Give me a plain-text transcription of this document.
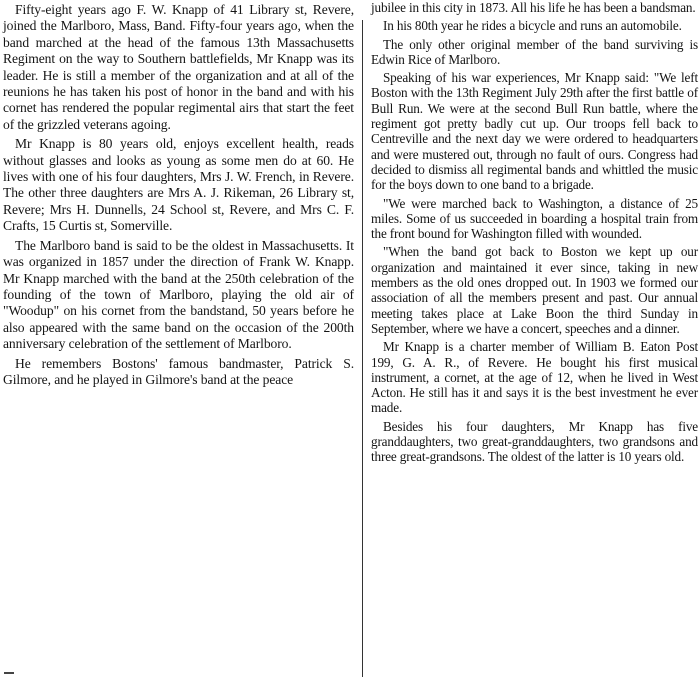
Fifty-eight years ago F. W. Knapp of 41 Library st, Revere, joined the Marlboro, Mass, Band. Fifty-four years ago, when the band marched at the head of the famous 13th Massachusetts Regiment on the way to Southern battlefields, Mr Knapp was its leader. He is still a member of the organization and at all of the reunions he has taken his post of honor in the band and with his cornet has rendered the popular regimental airs that start the feet of the grizzled veterans agoing.

Mr Knapp is 80 years old, enjoys excellent health, reads without glasses and looks as young as some men do at 60. He lives with one of his four daughters, Mrs J. W. French, in Revere. The other three daughters are Mrs A. J. Rikeman, 26 Library st, Revere; Mrs H. Dunnells, 24 School st, Revere, and Mrs C. F. Crafts, 15 Curtis st, Somerville.

The Marlboro band is said to be the oldest in Massachusetts. It was organized in 1857 under the direction of Frank W. Knapp. Mr Knapp marched with the band at the 250th celebration of the founding of the town of Marlboro, playing the old air of "Woodup" on his cornet from the bandstand, 50 years before he also appeared with the same band on the occasion of the 200th anniversary celebration of the settlement of Marlboro.

He remembers Bostons' famous bandmaster, Patrick S. Gilmore, and he played in Gilmore's band at the peace

jubilee in this city in 1873. All his life he has been a bandsman.

In his 80th year he rides a bicycle and runs an automobile.

The only other original member of the band surviving is Edwin Rice of Marlboro.

Speaking of his war experiences, Mr Knapp said: "We left Boston with the 13th Regiment July 29th after the first battle of Bull Run. We were at the second Bull Run battle, where the regiment got pretty badly cut up. Our troops fell back to Centreville and the next day we were ordered to headquarters and were mustered out, through no fault of ours. Congress had decided to dismiss all regimental bands and whittled the music for the boys down to one band to a brigade.

"We were marched back to Washington, a distance of 25 miles. Some of us succeeded in boarding a hospital train from the front bound for Washington filled with wounded.

"When the band got back to Boston we kept up our organization and maintained it ever since, taking in new members as the old ones dropped out. In 1903 we formed our association of all the members present and past. Our annual meeting takes place at Lake Boon the third Sunday in September, where we have a concert, speeches and a dinner.

Mr Knapp is a charter member of William B. Eaton Post 199, G. A. R., of Revere. He bought his first musical instrument, a cornet, at the age of 12, when he lived in West Acton. He still has it and says it is the best investment he ever made.

Besides his four daughters, Mr Knapp has five granddaughters, two great-granddaughters, two grandsons and three great-grandsons. The oldest of the latter is 10 years old.
